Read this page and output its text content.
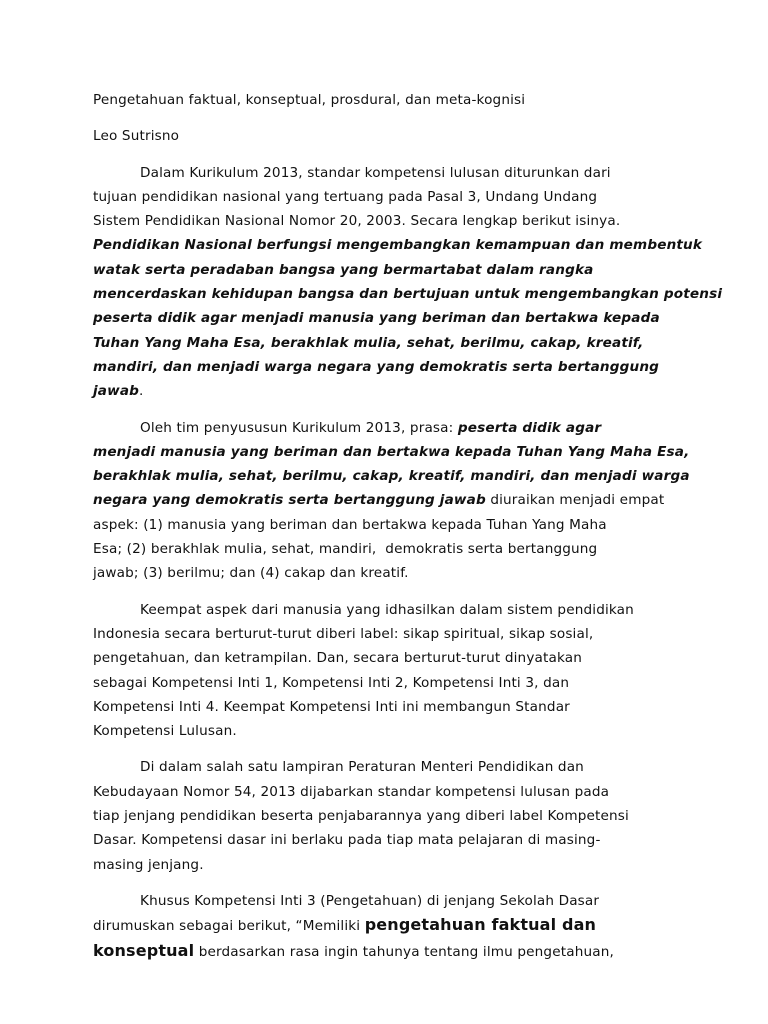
Pengetahuan faktual, konseptual, prosdural, dan meta-kognisi

Leo Sutrisno

Dalam Kurikulum 2013, standar kompetensi lulusan diturunkan dari

tujuan pendidikan nasional yang tertuang pada Pasal 3, Undang Undang

Sistem Pendidikan Nasional Nomor 20, 2003. Secara lengkap berikut isinya.

Pendidikan Nasional berfungsi mengembangkan kemampuan dan membentuk

watak serta peradaban bangsa yang bermartabat dalam rangka

mencerdaskan kehidupan bangsa dan bertujuan untuk mengembangkan potensi

peserta didik agar menjadi manusia yang beriman dan bertakwa kepada

Tuhan Yang Maha Esa, berakhlak mulia, sehat, berilmu, cakap, kreatif,

mandiri, dan menjadi warga negara yang demokratis serta bertanggung

jawab.

Oleh tim penyususun Kurikulum 2013, prasa: peserta didik agar

menjadi manusia yang beriman dan bertakwa kepada Tuhan Yang Maha Esa,

berakhlak mulia, sehat, berilmu, cakap, kreatif, mandiri, dan menjadi warga

negara yang demokratis serta bertanggung jawab diuraikan menjadi empat

aspek: (1) manusia yang beriman dan bertakwa kepada Tuhan Yang Maha

Esa; (2) berakhlak mulia, sehat, mandiri,  demokratis serta bertanggung

jawab; (3) berilmu; dan (4) cakap dan kreatif.

Keempat aspek dari manusia yang idhasilkan dalam sistem pendidikan

Indonesia secara berturut-turut diberi label: sikap spiritual, sikap sosial,

pengetahuan, dan ketrampilan. Dan, secara berturut-turut dinyatakan

sebagai Kompetensi Inti 1, Kompetensi Inti 2, Kompetensi Inti 3, dan

Kompetensi Inti 4. Keempat Kompetensi Inti ini membangun Standar

Kompetensi Lulusan.

Di dalam salah satu lampiran Peraturan Menteri Pendidikan dan

Kebudayaan Nomor 54, 2013 dijabarkan standar kompetensi lulusan pada

tiap jenjang pendidikan beserta penjabarannya yang diberi label Kompetensi

Dasar. Kompetensi dasar ini berlaku pada tiap mata pelajaran di masing-

masing jenjang.

Khusus Kompetensi Inti 3 (Pengetahuan) di jenjang Sekolah Dasar

dirumuskan sebagai berikut, “Memiliki pengetahuan faktual dan

konseptual berdasarkan rasa ingin tahunya tentang ilmu pengetahuan,
